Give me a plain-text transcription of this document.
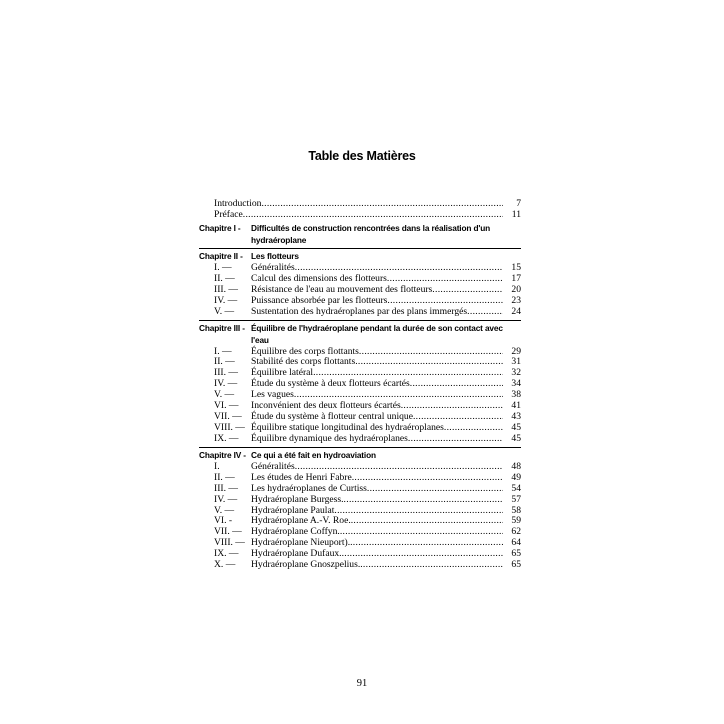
Table des Matières
Introduction .....	7
Préface .....	11
Chapitre I -	Difficultés de construction rencontrées dans la réalisation d'un hydraéroplane
Chapitre II -	Les flotteurs
I. —	Généralités .....	15
II. —	Calcul des dimensions des flotteurs .....	17
III. —	Résistance de l'eau au mouvement des flotteurs .....	20
IV. —	Puissance absorbée par les flotteurs .....	23
V. —	Sustentation des hydraéroplanes par des plans immergés .....	24
Chapitre III - Équilibre de l'hydraéroplane pendant la durée de son contact avec l'eau
I. —	Équilibre des corps flottants .....	29
II. —	Stabilité des corps flottants .....	31
III. —	Équilibre latéral .....	32
IV. —	Étude du système à deux flotteurs écartés .....	34
V. —	Les vagues .....	38
VI. —	Inconvénient des deux flotteurs écartés .....	41
VII. — Étude du système à flotteur central unique .....	43
VIII. — Équilibre statique longitudinal des hydraéroplanes .....	45
IX. —	Équilibre dynamique des hydraéroplanes .....	45
Chapitre IV - Ce qui a été fait en hydroaviation
I.	Généralités .....	48
II. —	Les études de Henri Fabre .....	49
III. —	Les hydraéroplanes de Curtiss .....	54
IV. —	Hydraéroplane Burgess. .....	57
V. —	Hydraéroplane Paulat .....	58
VI. -	Hydraéroplane A.-V. Roe. .....	59
VII. — Hydraéroplane Coffyn. .....	62
VIII. — Hydraéroplane Nieuport). .....	64
IX. —	Hydraéroplane Dufaux. .....	65
X. —	Hydraéroplane Gnoszpelius. .....	65
91
